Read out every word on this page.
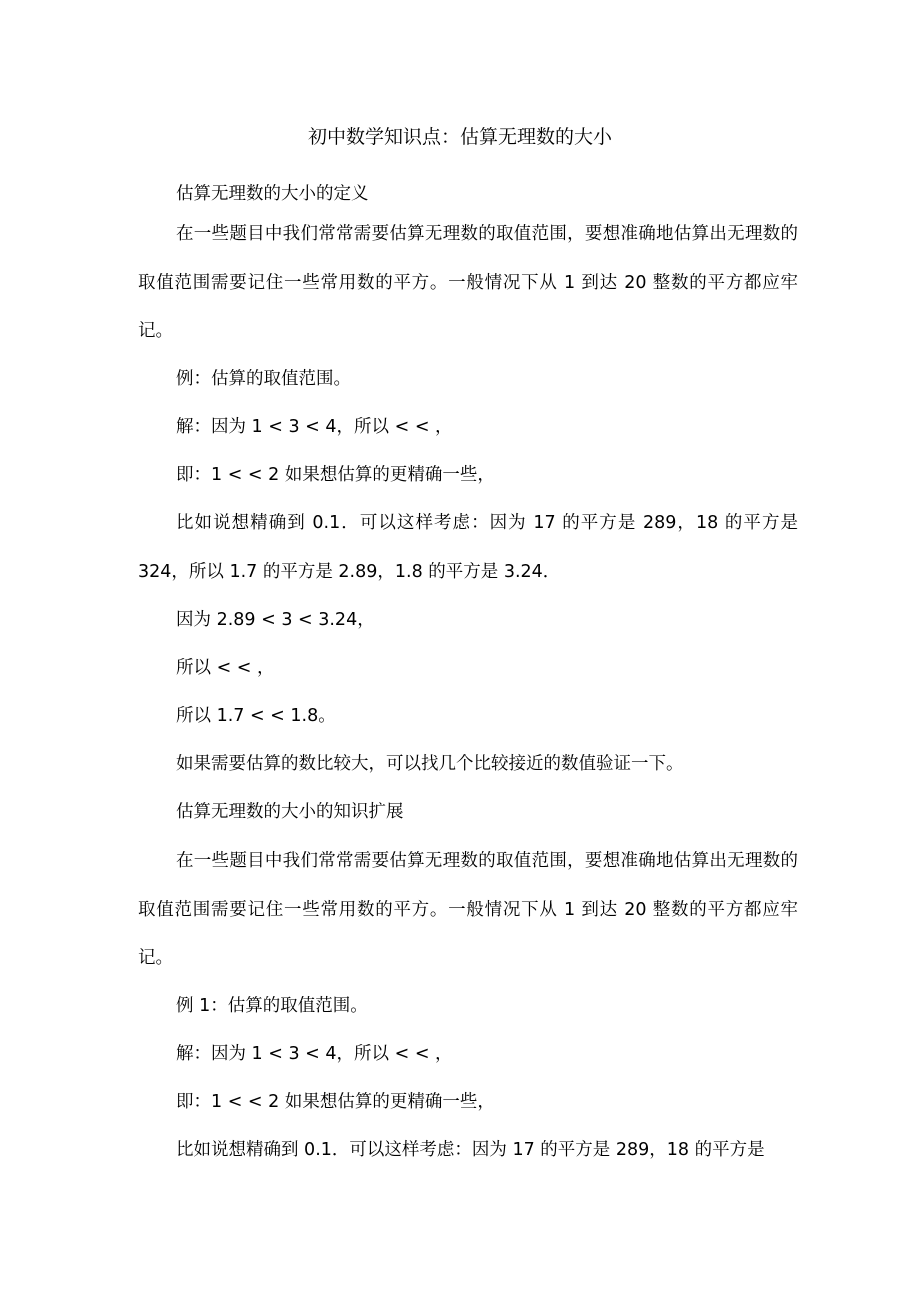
初中数学知识点：估算无理数的大小

估算无理数的大小的定义

在一些题目中我们常常需要估算无理数的取值范围，要想准确地估算出无理数的取值范围需要记住一些常用数的平方。一般情况下从 1 到达 20 整数的平方都应牢记。

例：估算的取值范围。

解：因为 1 < 3 < 4，所以 < < ，

即：1 < < 2 如果想估算的更精确一些，

比如说想精确到 0.1．可以这样考虑：因为 17 的平方是 289，18 的平方是 324，所以 1.7 的平方是 2.89，1.8 的平方是 3.24．

因为 2.89 < 3 < 3.24，

所以 < < ，

所以 1.7 < < 1.8。

如果需要估算的数比较大，可以找几个比较接近的数值验证一下。

估算无理数的大小的知识扩展

在一些题目中我们常常需要估算无理数的取值范围，要想准确地估算出无理数的取值范围需要记住一些常用数的平方。一般情况下从 1 到达 20 整数的平方都应牢记。

例 1：估算的取值范围。

解：因为 1 < 3 < 4，所以 < < ，

即：1 < < 2 如果想估算的更精确一些，

比如说想精确到 0.1．可以这样考虑：因为 17 的平方是 289，18 的平方是
